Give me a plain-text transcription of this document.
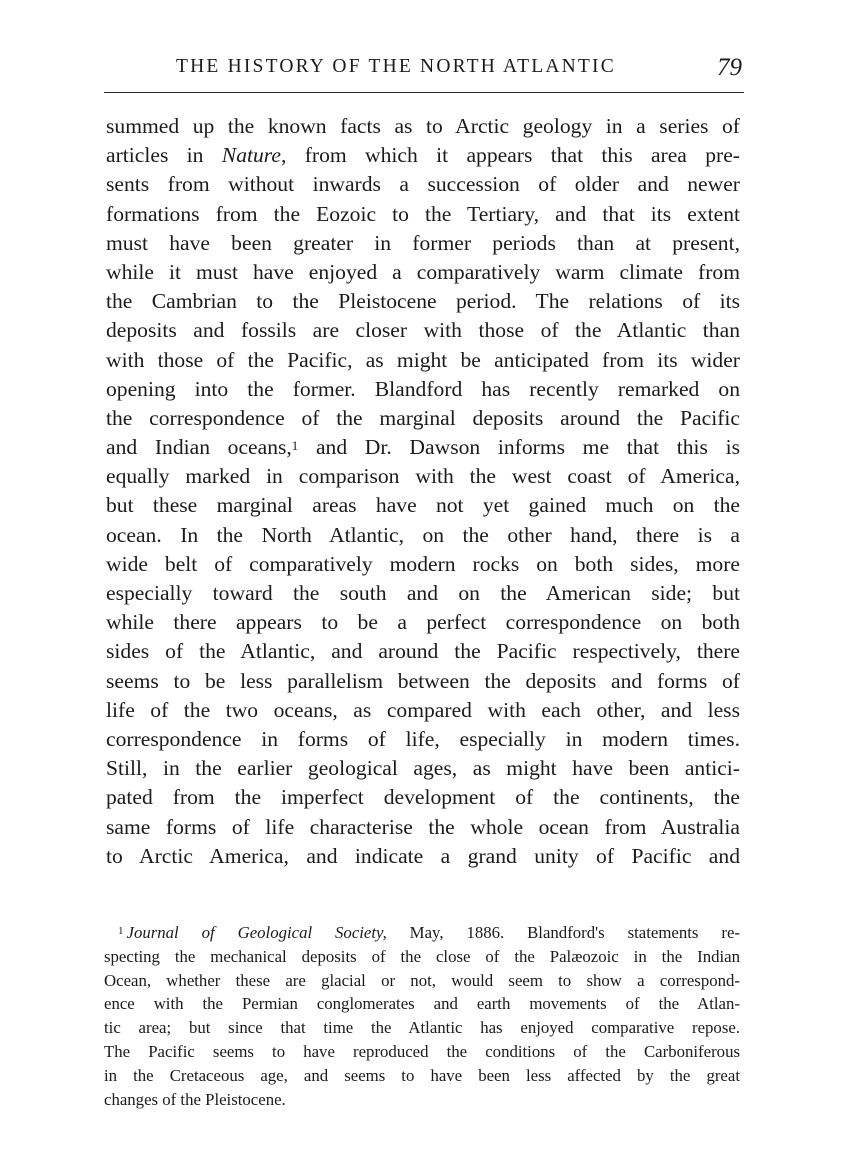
THE HISTORY OF THE NORTH ATLANTIC	79
summed up the known facts as to Arctic geology in a series of
articles in Nature, from which it appears that this area pre-
sents from without inwards a succession of older and newer
formations from the Eozoic to the Tertiary, and that its extent
must have been greater in former periods than at present,
while it must have enjoyed a comparatively warm climate from
the Cambrian to the Pleistocene period. The relations of its
deposits and fossils are closer with those of the Atlantic than
with those of the Pacific, as might be anticipated from its wider
opening into the former. Blandford has recently remarked on
the correspondence of the marginal deposits around the Pacific
and Indian oceans,$^1$ and Dr. Dawson informs me that this is
equally marked in comparison with the west coast of America,
but these marginal areas have not yet gained much on the
ocean. In the North Atlantic, on the other hand, there is a
wide belt of comparatively modern rocks on both sides, more
especially toward the south and on the American side; but
while there appears to be a perfect correspondence on both
sides of the Atlantic, and around the Pacific respectively, there
seems to be less parallelism between the deposits and forms of
life of the two oceans, as compared with each other, and less
correspondence in forms of life, especially in modern times.
Still, in the earlier geological ages, as might have been antici-
pated from the imperfect development of the continents, the
same forms of life characterise the whole ocean from Australia
to Arctic America, and indicate a grand unity of Pacific and
$^1$ Journal of Geological Society, May, 1886. Blandford's statements re-
specting the mechanical deposits of the close of the Palæozoic in the Indian
Ocean, whether these are glacial or not, would seem to show a correspond-
ence with the Permian conglomerates and earth movements of the Atlan-
tic area; but since that time the Atlantic has enjoyed comparative repose.
The Pacific seems to have reproduced the conditions of the Carboniferous
in the Cretaceous age, and seems to have been less affected by the great
changes of the Pleistocene.
